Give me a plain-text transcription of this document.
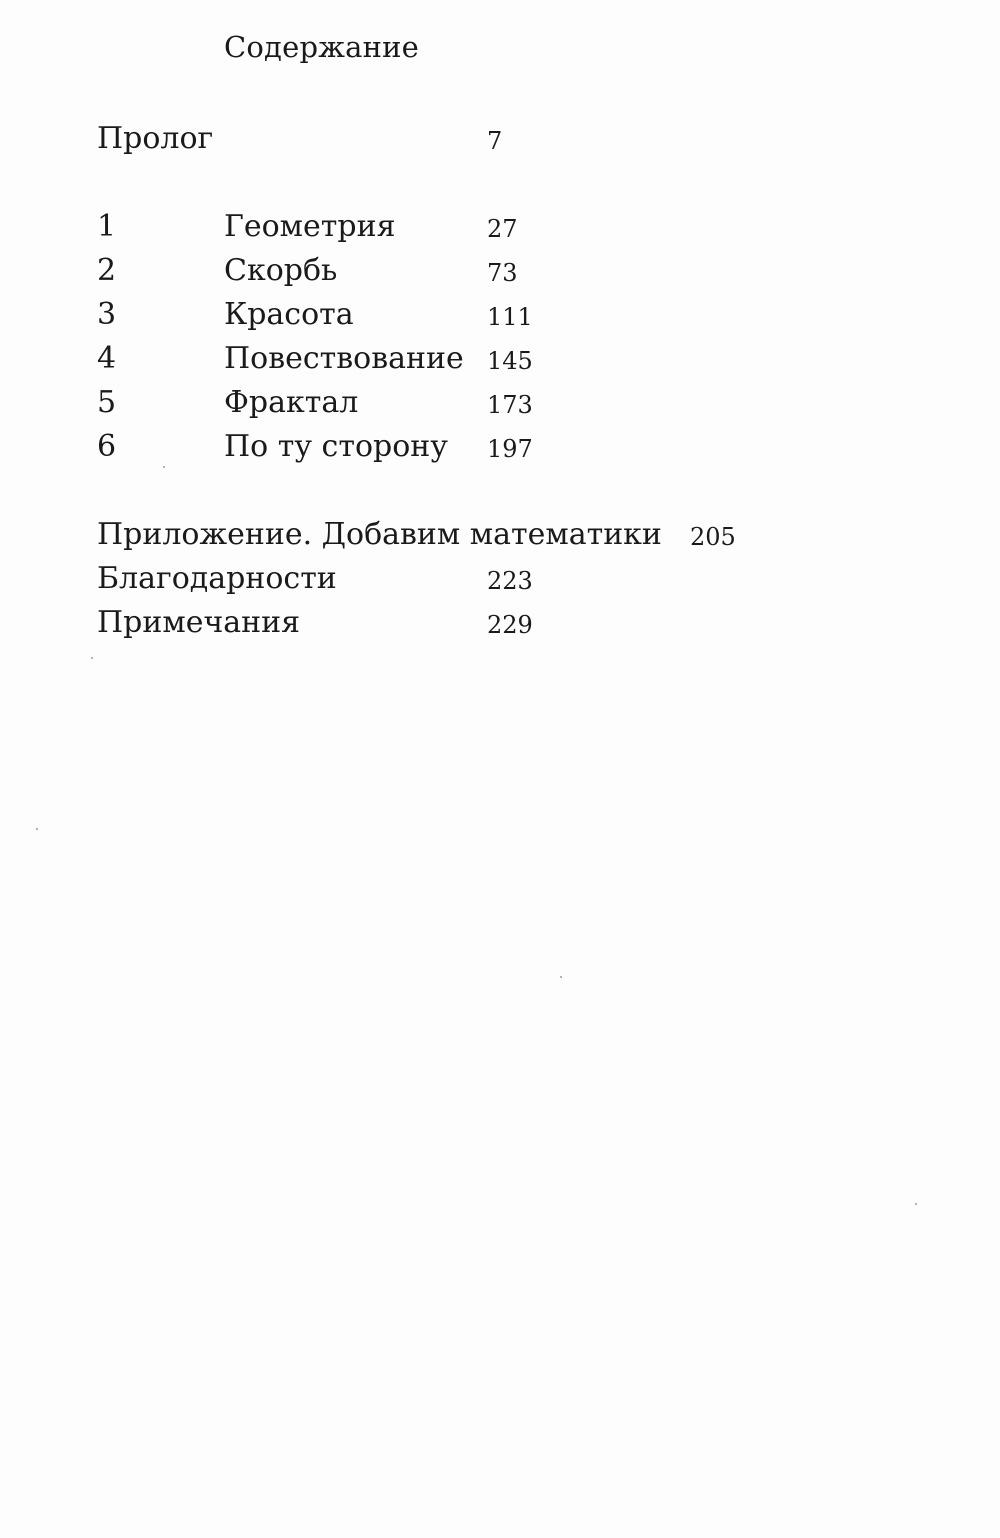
Содержание
Пролог	7
1	Геометрия	27
2	Скорбь	73
3	Красота	111
4	Повествование 145
5	Фрактал	173
6	По ту сторону 197
Приложение. Добавим математики 205
Благодарности	223
Примечания	229
